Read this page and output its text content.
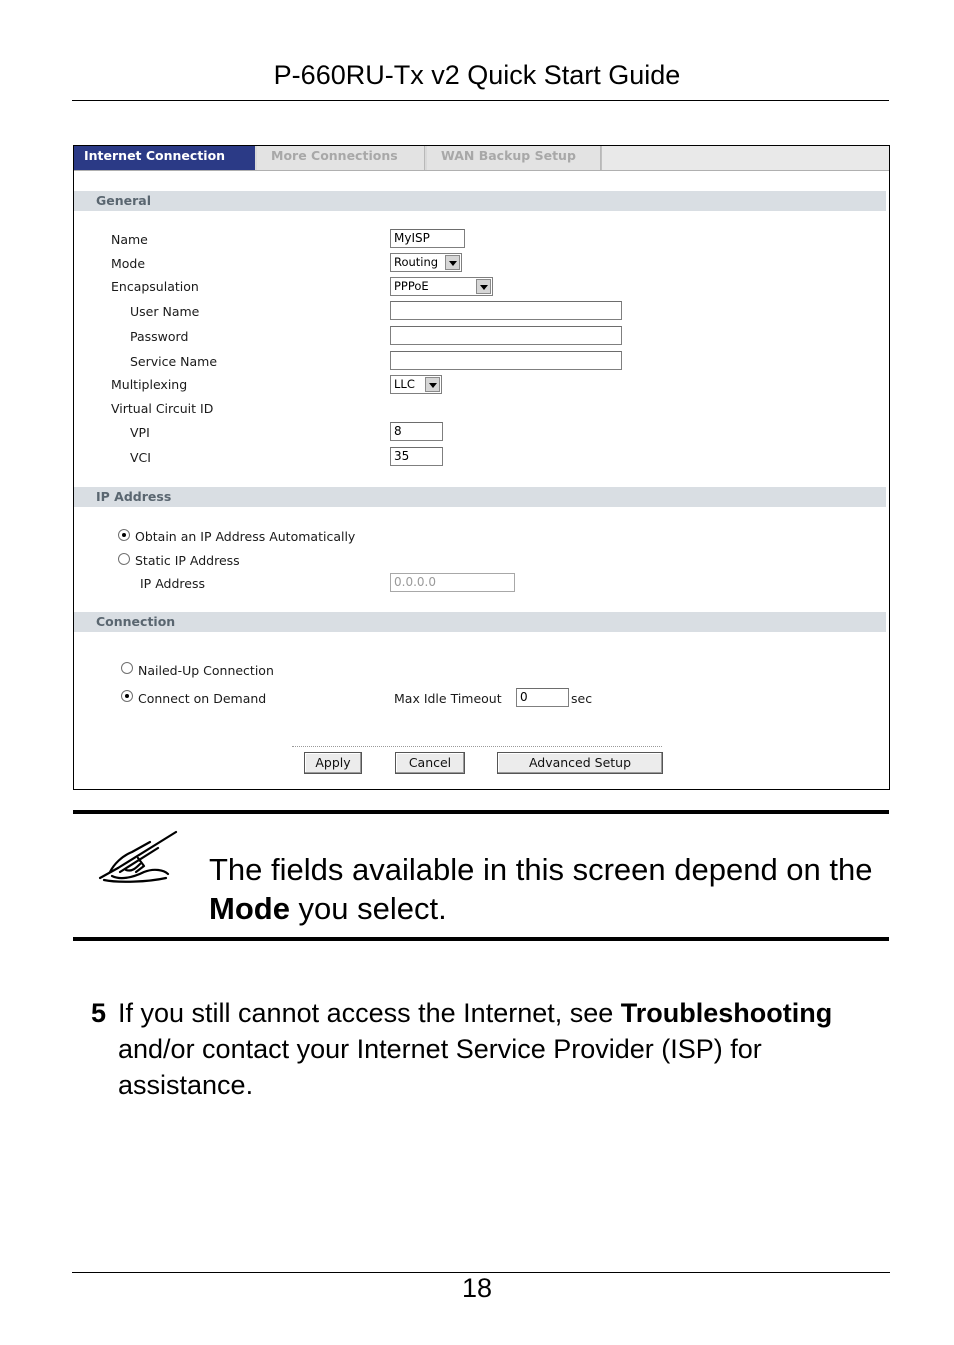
P-660RU-Tx v2 Quick Start Guide
Internet Connection	More Connections	WAN Backup Setup
General
Name	MyISP
Mode	Routing
Encapsulation	PPPoE
User Name
Password
Service Name
Multiplexing	LLC
Virtual Circuit ID
VPI	8
VCI	35
IP Address
Obtain an IP Address Automatically
Static IP Address
IP Address	0.0.0.0
Connection
Nailed-Up Connection
Connect on Demand	Max Idle Timeout	0	sec
Apply	Cancel	Advanced Setup
The fields available in this screen depend on the Mode you select.
5 If you still cannot access the Internet, see Troubleshooting and/or contact your Internet Service Provider (ISP) for assistance.
18
